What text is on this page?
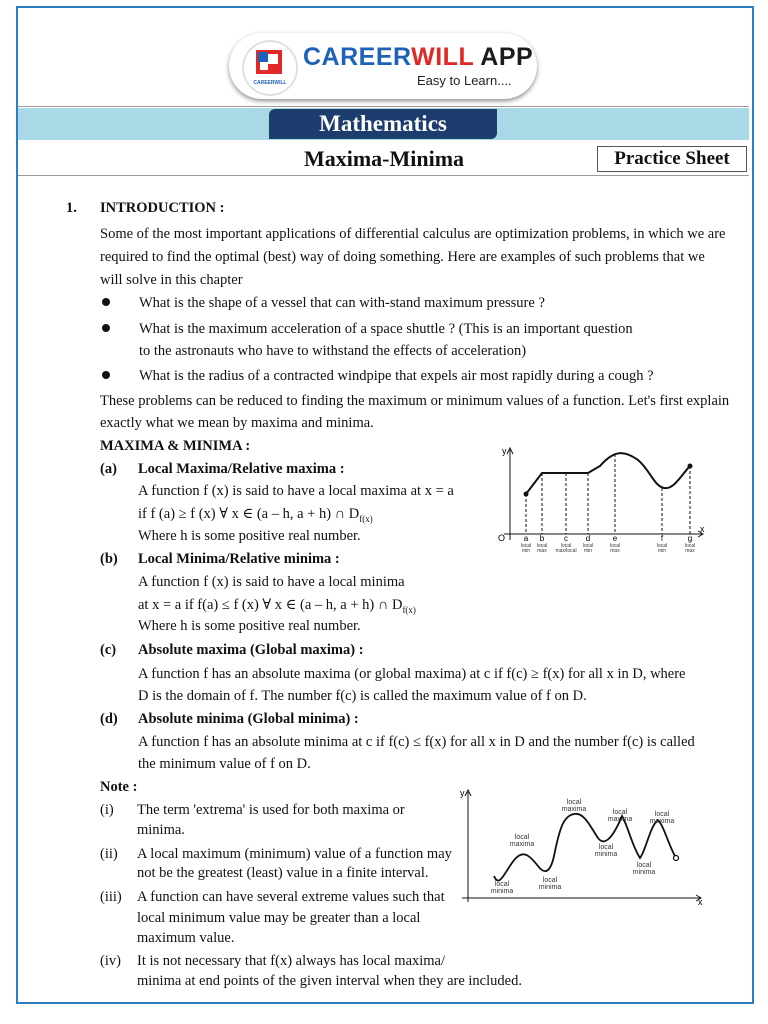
CAREERWILL
CAREERWILL APP
Easy to Learn....
Mathematics
Maxima-Minima	Practice Sheet
1. INTRODUCTION :
Some of the most important applications of differential calculus are optimization problems, in which we are
required to find the optimal (best) way of doing something. Here are examples of such problems that we
will solve in this chapter
What is the shape of a vessel that can with-stand maximum pressure ?
What is the maximum acceleration of a space shuttle ? (This is an important question
to the astronauts who have to withstand the effects of acceleration)
What is the radius of a contracted windpipe that expels air most rapidly during a cough ?
These problems can be reduced to finding the maximum or minimum values of a function. Let's first explain
exactly what we mean by maxima and minima.
MAXIMA & MINIMA :
(a) Local Maxima/Relative maxima :
A function f (x) is said to have a local maxima at x = a
if f (a) ≥ f (x) ∀ x ∈ (a – h, a + h) ∩ $D_{f(x)}$
Where h is some positive real number.
(b) Local Minima/Relative minima :
A function f (x) is said to have a local minima
at x = a if f(a) ≤ f (x) ∀ x ∈ (a – h, a + h) ∩ $D_{f(x)}$
Where h is some positive real number.
(c) Absolute maxima (Global maxima) :
A function f has an absolute maxima (or global maxima) at c if f(c) ≥ f(x) for all x in D, where
D is the domain of f. The number f(c) is called the maximum value of f on D.
(d) Absolute minima (Global minima) :
A function f has an absolute minima at c if f(c) ≤ f(x) for all x in D and the number f(c) is called
the minimum value of f on D.
y
x
O a b c d	e	f	g
local
min
local
max
local
max/local
local
min
local
max
local
min
local
max
Note :
(i) The term 'extrema' is used for both maxima or
minima.
(ii) A local maximum (minimum) value of a function may
not be the greatest (least) value in a finite interval.
(iii) A function can have several extreme values such that
local minimum value may be greater than a local
maximum value.
(iv) It is not necessary that f(x) always has local maxima/
minima at end points of the given interval when they are included.
y
x
local
minima
local
maxima
local
minima
local
maxima
local
minima
local
maxima
local
minima
local
maxima
